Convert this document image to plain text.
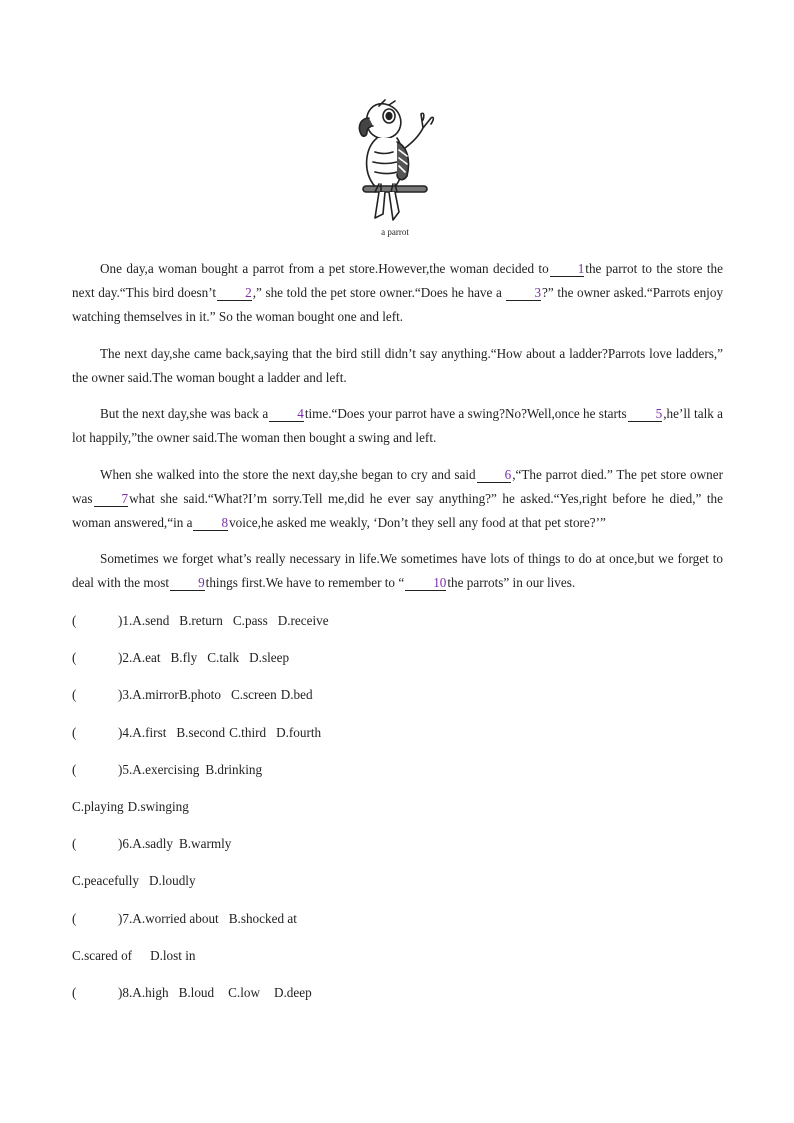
a parrot

One day,a woman bought a parrot from a pet store.However,the woman decided to 1the parrot to the store the next day.“This bird doesn’t 2,” she told the pet store owner.“Does he have a 3?” the owner asked.“Parrots enjoy watching themselves in it.” So the woman bought one and left.

The next day,she came back,saying that the bird still didn’t say anything.“How about a ladder?Parrots love ladders,” the owner said.The woman bought a ladder and left.

But the next day,she was back a 4time.“Does your parrot have a swing?No?Well,once he starts 5,he’ll talk a lot happily,”the owner said.The woman then bought a swing and left.

When she walked into the store the next day,she began to cry and said 6,“The parrot died.” The pet store owner was 7what she said.“What?I’m sorry.Tell me,did he ever say anything?” he asked.“Yes,right before he died,” the woman answered,“in a 8voice,he asked me weakly, ‘Don’t they sell any food at that pet store?’”

Sometimes we forget what’s really necessary in life.We sometimes have lots of things to do at once,but we forget to deal with the most 9things first.We have to remember to “ 10the parrots” in our lives.

(	)1.A.send B.return C.pass D.receive
(	)2.A.eat B.fly C.talk D.sleep
(	)3.A.mirrorB.photo C.screen D.bed
(	)4.A.first B.second C.third D.fourth
(	)5.A.exercising B.drinking
C.playing D.swinging
(	)6.A.sadly B.warmly
C.peacefully D.loudly
(	)7.A.worried about B.shocked at
C.scared of D.lost in
(	)8.A.high B.loud C.low D.deep
